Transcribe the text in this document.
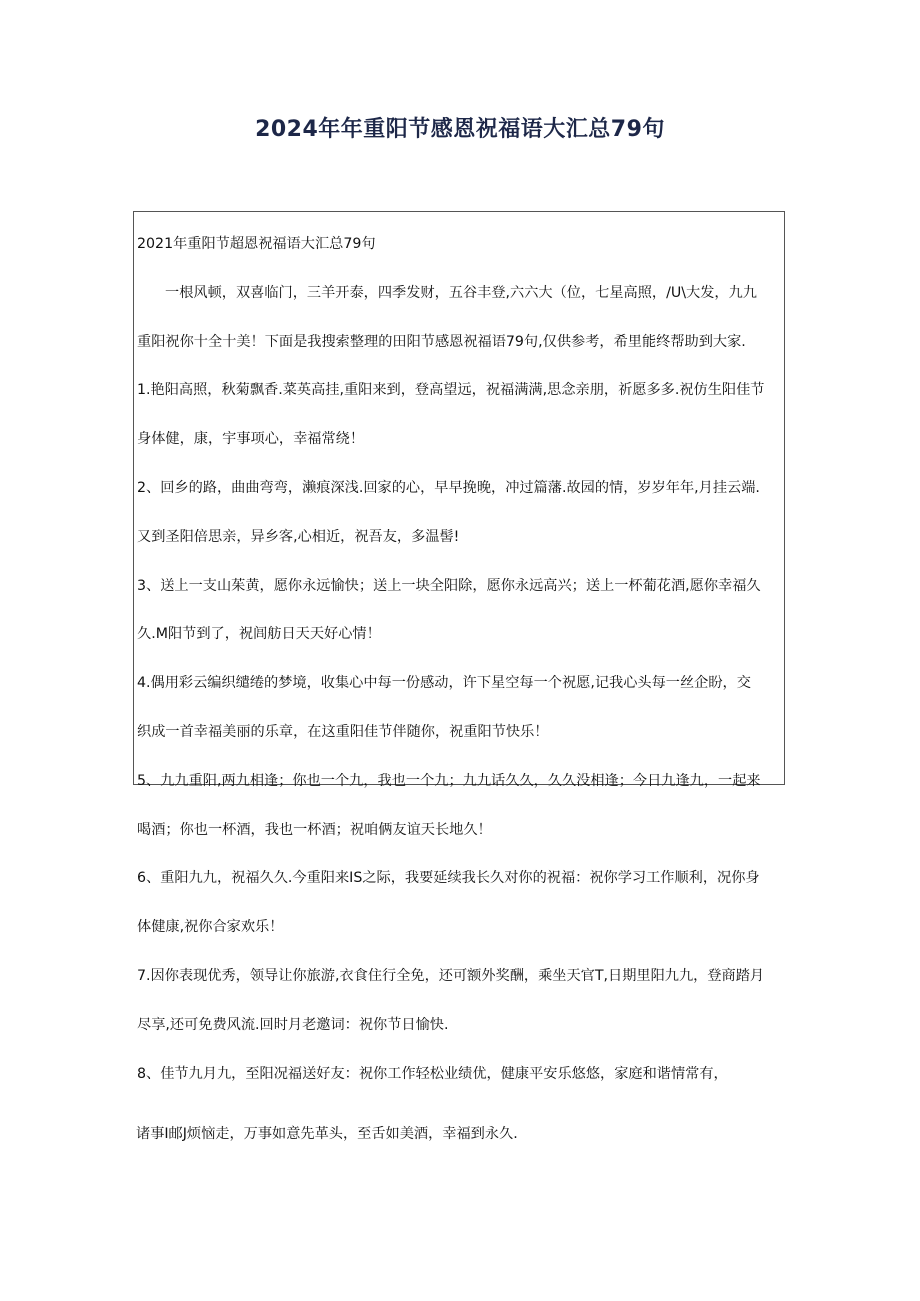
2024年年重阳节感恩祝福语大汇总79句
2021年重阳节超恩祝福语大汇总79句
一根风顿，双喜临门，三羊开泰，四季发财，五谷丰登,六六大（位，七星高照，/U\大发，九九
重阳祝你十全十美！下面是我搜索整理的田阳节感恩祝福语79句,仅供参考，希里能终帮助到大家.
1.艳阳高照，秋菊飘香.菜英高挂,重阳来到，登高望远，祝福满满,思念亲朋，祈愿多多.祝仿生阳佳节
身体健，康，宇事项心，幸福常绕！
2、回乡的路，曲曲弯弯，濑痕深浅.回家的心，早早挽晚，冲过篇藩.故园的情，岁岁年年,月挂云端.
又到圣阳倍思亲，异乡客,心相近，祝吾友，多温髻!
3、送上一支山茱黄，愿你永远愉快；送上一块全阳除，愿你永远高兴；送上一杯葡花酒,愿你幸福久
久.M阳节到了，祝闾舫日天天好心情！
4.偶用彩云编织缱绻的梦境，收集心中每一份感动，许下星空每一个祝愿,记我心头每一丝企盼，交
织成一首幸福美丽的乐章，在这重阳佳节伴随你，祝重阳节快乐！
5、九九重阳,两九相逢；你也一个九，我也一个九；九九话久久，久久没相逢；今日九逢九，一起来
喝酒；你也一杯酒，我也一杯酒；祝咱俩友谊天长地久！
6、重阳九九，祝福久久.今重阳来IS之际，我要延续我长久对你的祝福：祝你学习工作顺利，况你身
体健康,祝你合家欢乐！
7.因你表现优秀，领导让你旅游,衣食住行全免，还可额外奖酬，乘坐天官T,日期里阳九九，登商踏月
尽享,还可免费风流.回时月老邀词：祝你节日愉快.
8、佳节九月九，至阳况福送好友：祝你工作轻松业绩优，健康平安乐悠悠，家庭和谐情常有，
诸事I邮J烦恼走，万事如意先革头，至舌如美酒，幸福到永久.
